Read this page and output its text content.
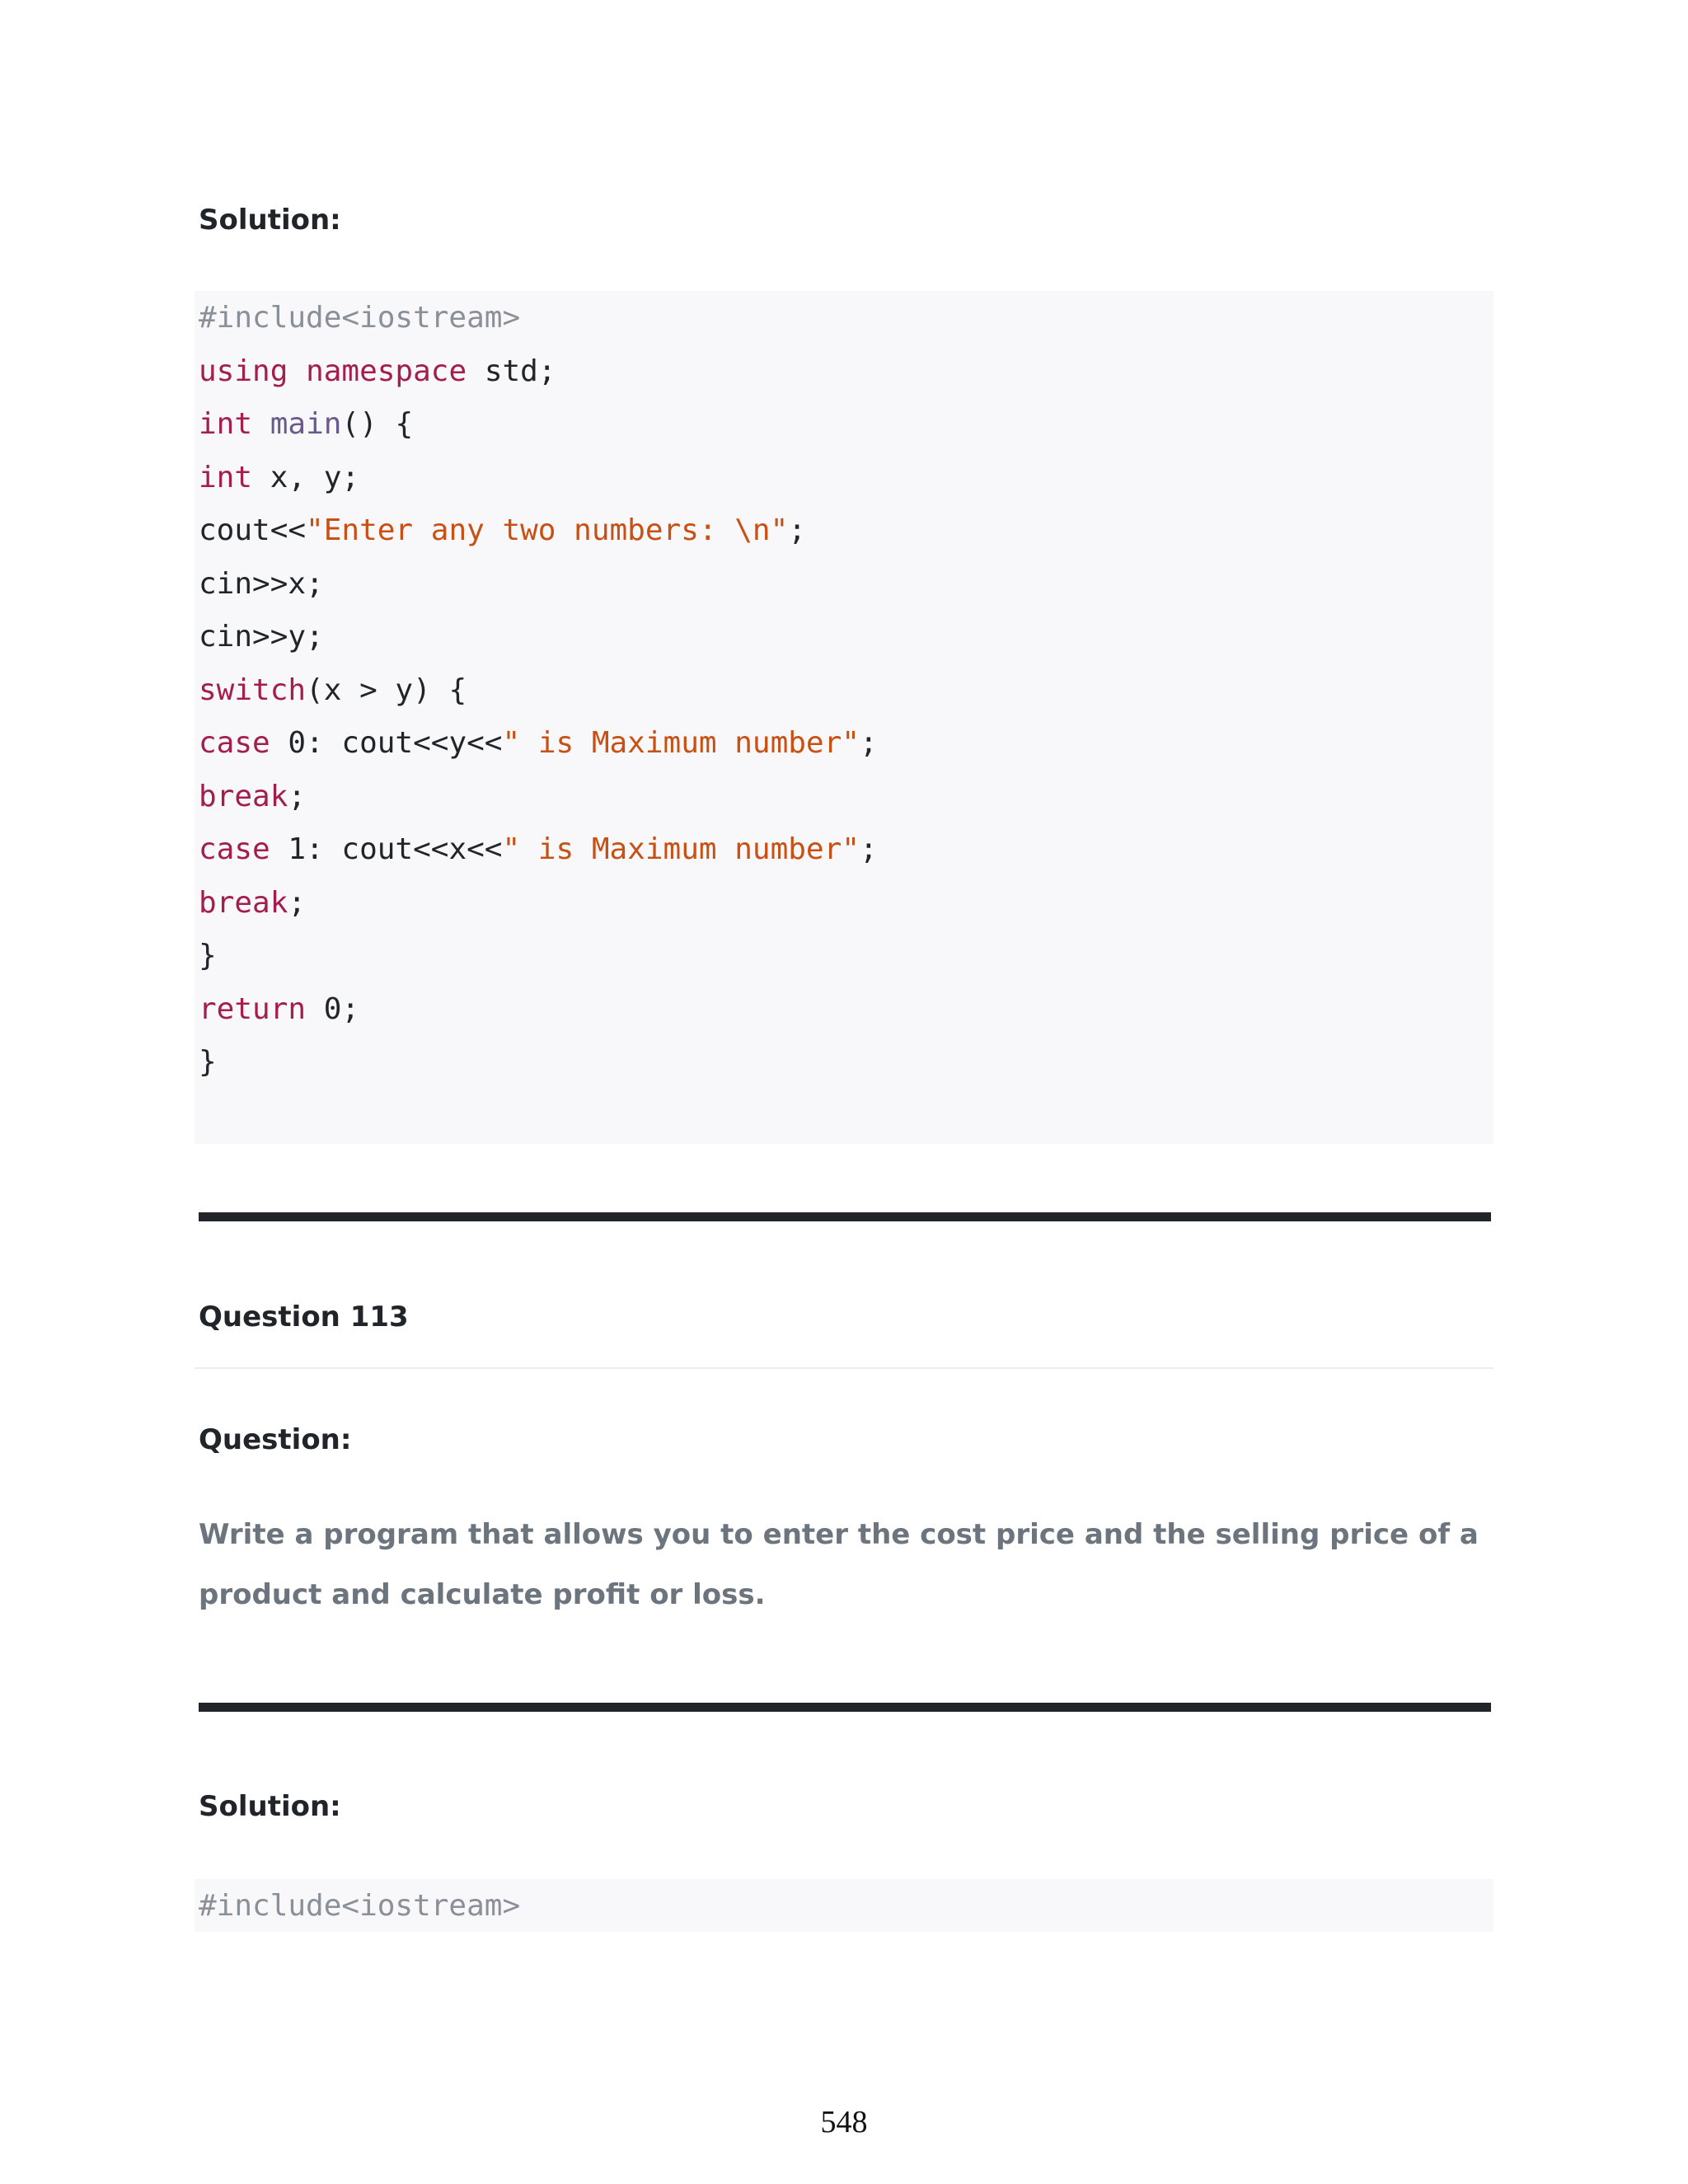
Solution:
#include<iostream>
using namespace std;
int main() {
int x, y;
cout<<"Enter any two numbers: \n";
cin>>x;
cin>>y;
switch(x > y) {
case 0: cout<<y<<" is Maximum number";
break;
case 1: cout<<x<<" is Maximum number";
break;
}
return 0;
}
Question 113
Question:
Write a program that allows you to enter the cost price and the selling price of a product and calculate profit or loss.
Solution:
#include<iostream>
548
